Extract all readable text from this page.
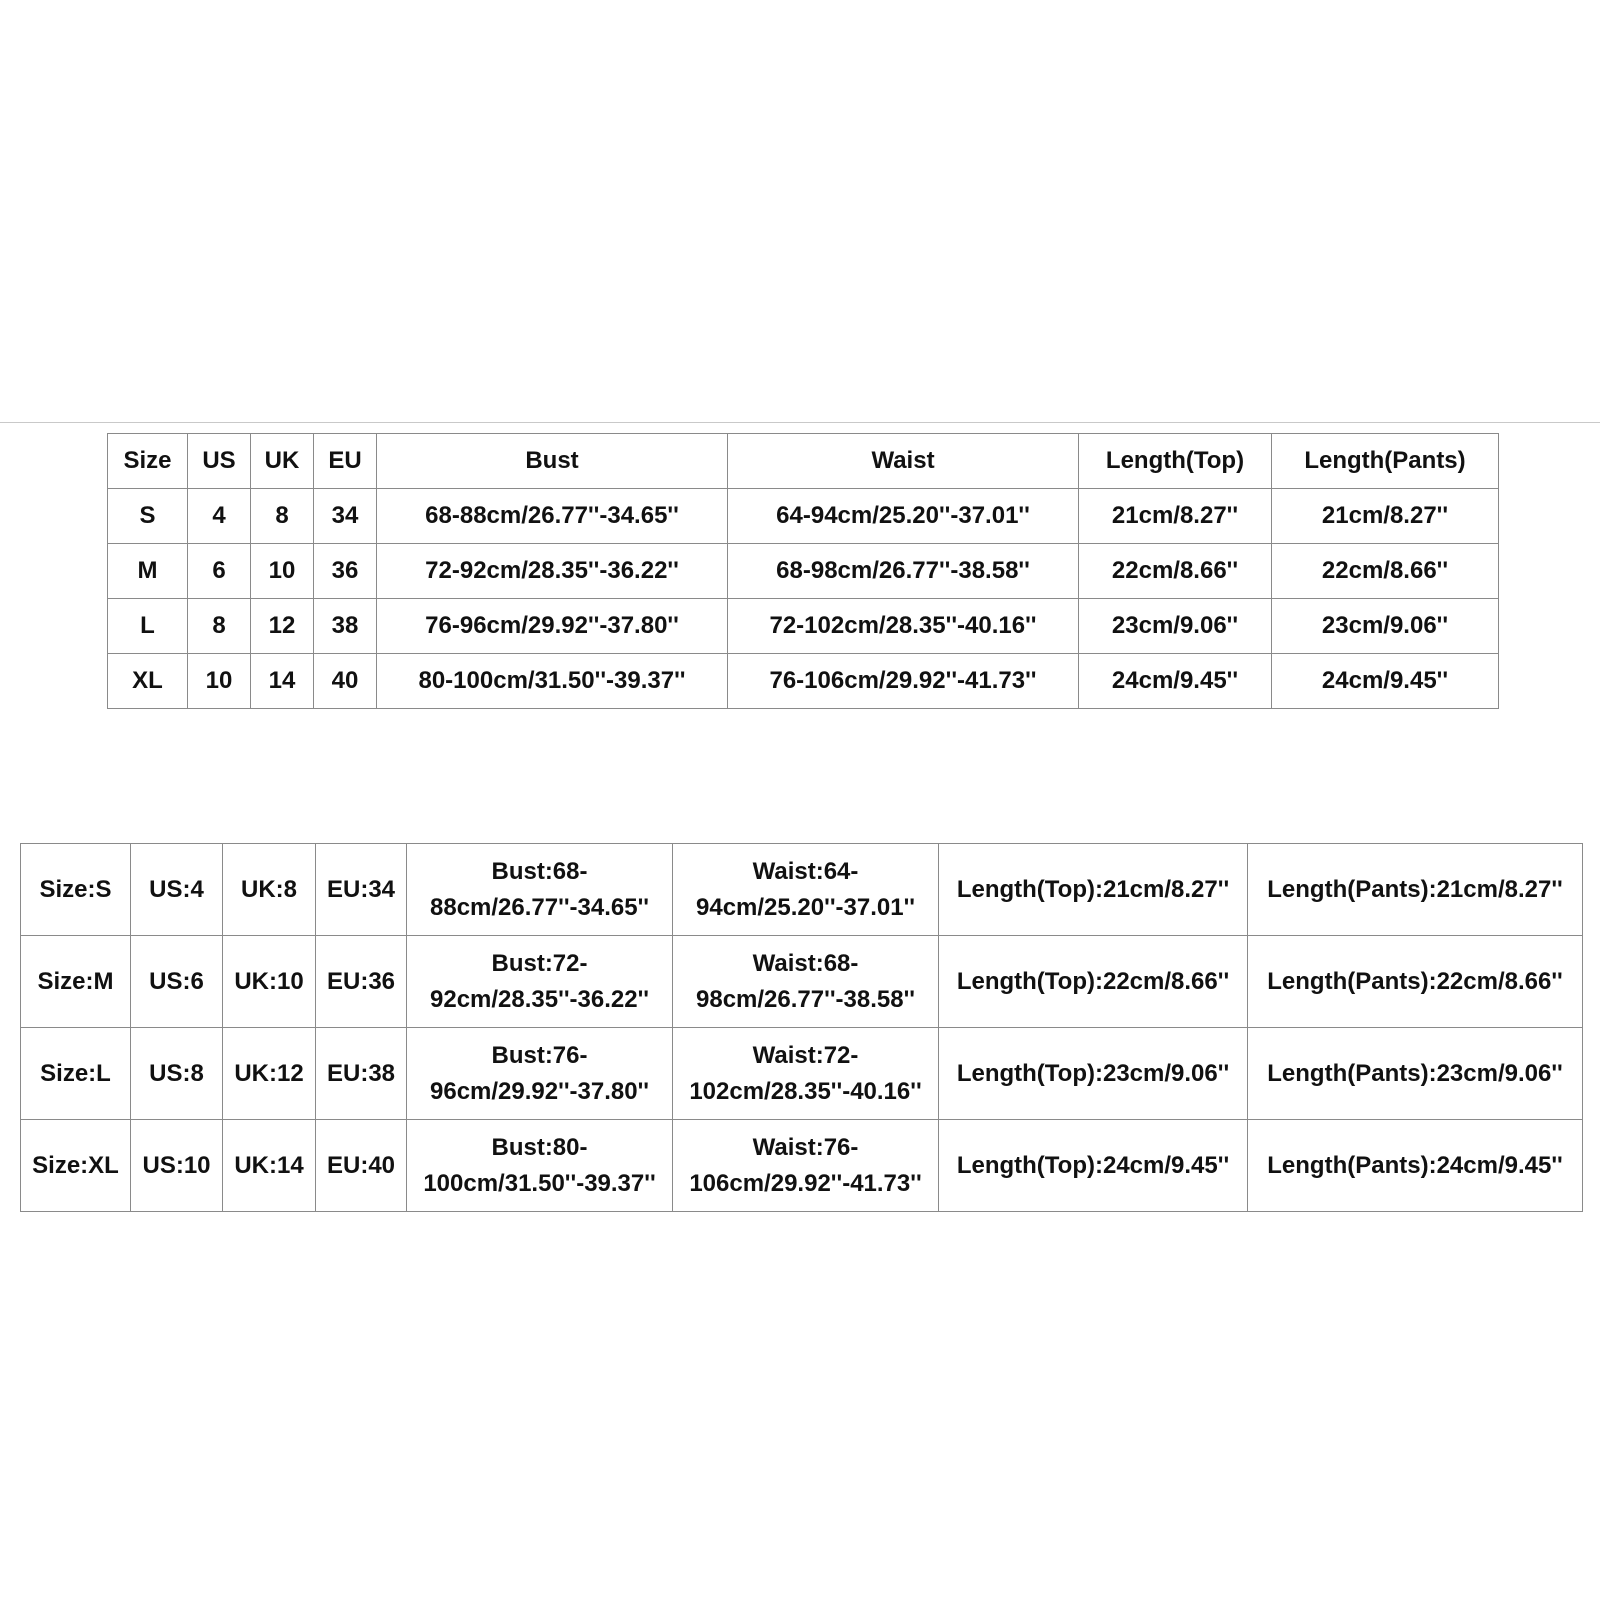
Size	US	UK	EU	Bust	Waist	Length(Top)	Length(Pants)
S	4	8	34	68-88cm/26.77''-34.65''	64-94cm/25.20''-37.01''	21cm/8.27''	21cm/8.27''
M	6	10	36	72-92cm/28.35''-36.22''	68-98cm/26.77''-38.58''	22cm/8.66''	22cm/8.66''
L	8	12	38	76-96cm/29.92''-37.80''	72-102cm/28.35''-40.16''	23cm/9.06''	23cm/9.06''
XL	10	14	40	80-100cm/31.50''-39.37''	76-106cm/29.92''-41.73''	24cm/9.45''	24cm/9.45''
Size:S	US:4	UK:8	EU:34	Bust:68-
88cm/26.77''-34.65''	Waist:64-
94cm/25.20''-37.01''	Length(Top):21cm/8.27''	Length(Pants):21cm/8.27''
Size:M	US:6	UK:10	EU:36	Bust:72-
92cm/28.35''-36.22''	Waist:68-
98cm/26.77''-38.58''	Length(Top):22cm/8.66''	Length(Pants):22cm/8.66''
Size:L	US:8	UK:12	EU:38	Bust:76-
96cm/29.92''-37.80''	Waist:72-
102cm/28.35''-40.16''	Length(Top):23cm/9.06''	Length(Pants):23cm/9.06''
Size:XL	US:10	UK:14	EU:40	Bust:80-
100cm/31.50''-39.37''	Waist:76-
106cm/29.92''-41.73''	Length(Top):24cm/9.45''	Length(Pants):24cm/9.45''
